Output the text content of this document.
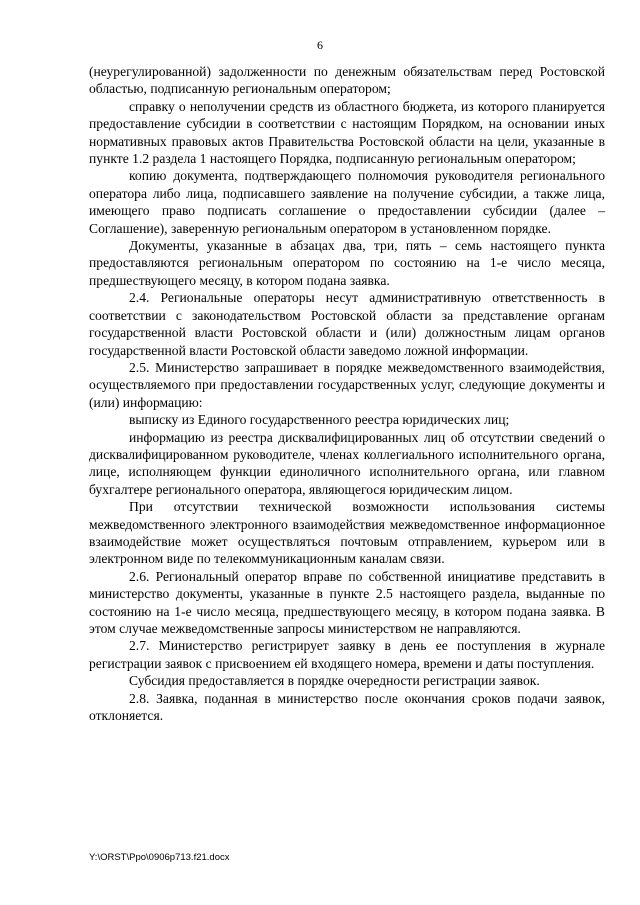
6

(неурегулированной) задолженности по денежным обязательствам перед Ростовской областью, подписанную региональным оператором;

справку о неполучении средств из областного бюджета, из которого планируется предоставление субсидии в соответствии с настоящим Порядком, на основании иных нормативных правовых актов Правительства Ростовской области на цели, указанные в пункте 1.2 раздела 1 настоящего Порядка, подписанную региональным оператором;

копию документа, подтверждающего полномочия руководителя регионального оператора либо лица, подписавшего заявление на получение субсидии, а также лица, имеющего право подписать соглашение о предоставлении субсидии (далее – Соглашение), заверенную региональным оператором в установленном порядке.

Документы, указанные в абзацах два, три, пять – семь настоящего пункта предоставляются региональным оператором по состоянию на 1-е число месяца, предшествующего месяцу, в котором подана заявка.

2.4. Региональные операторы несут административную ответственность в соответствии с законодательством Ростовской области за представление органам государственной власти Ростовской области и (или) должностным лицам органов государственной власти Ростовской области заведомо ложной информации.

2.5. Министерство запрашивает в порядке межведомственного взаимодействия, осуществляемого при предоставлении государственных услуг, следующие документы и (или) информацию:

выписку из Единого государственного реестра юридических лиц;

информацию из реестра дисквалифицированных лиц об отсутствии сведений о дисквалифицированном руководителе, членах коллегиального исполнительного органа, лице, исполняющем функции единоличного исполнительного органа, или главном бухгалтере регионального оператора, являющегося юридическим лицом.

При отсутствии технической возможности использования системы межведомственного электронного взаимодействия межведомственное информационное взаимодействие может осуществляться почтовым отправлением, курьером или в электронном виде по телекоммуникационным каналам связи.

2.6. Региональный оператор вправе по собственной инициативе представить в министерство документы, указанные в пункте 2.5 настоящего раздела, выданные по состоянию на 1-е число месяца, предшествующего месяцу, в котором подана заявка. В этом случае межведомственные запросы министерством не направляются.

2.7. Министерство регистрирует заявку в день ее поступления в журнале регистрации заявок с присвоением ей входящего номера, времени и даты поступления.

Субсидия предоставляется в порядке очередности регистрации заявок.

2.8. Заявка, поданная в министерство после окончания сроков подачи заявок, отклоняется.

Y:\ORST\Ppo\0906p713.f21.docx
